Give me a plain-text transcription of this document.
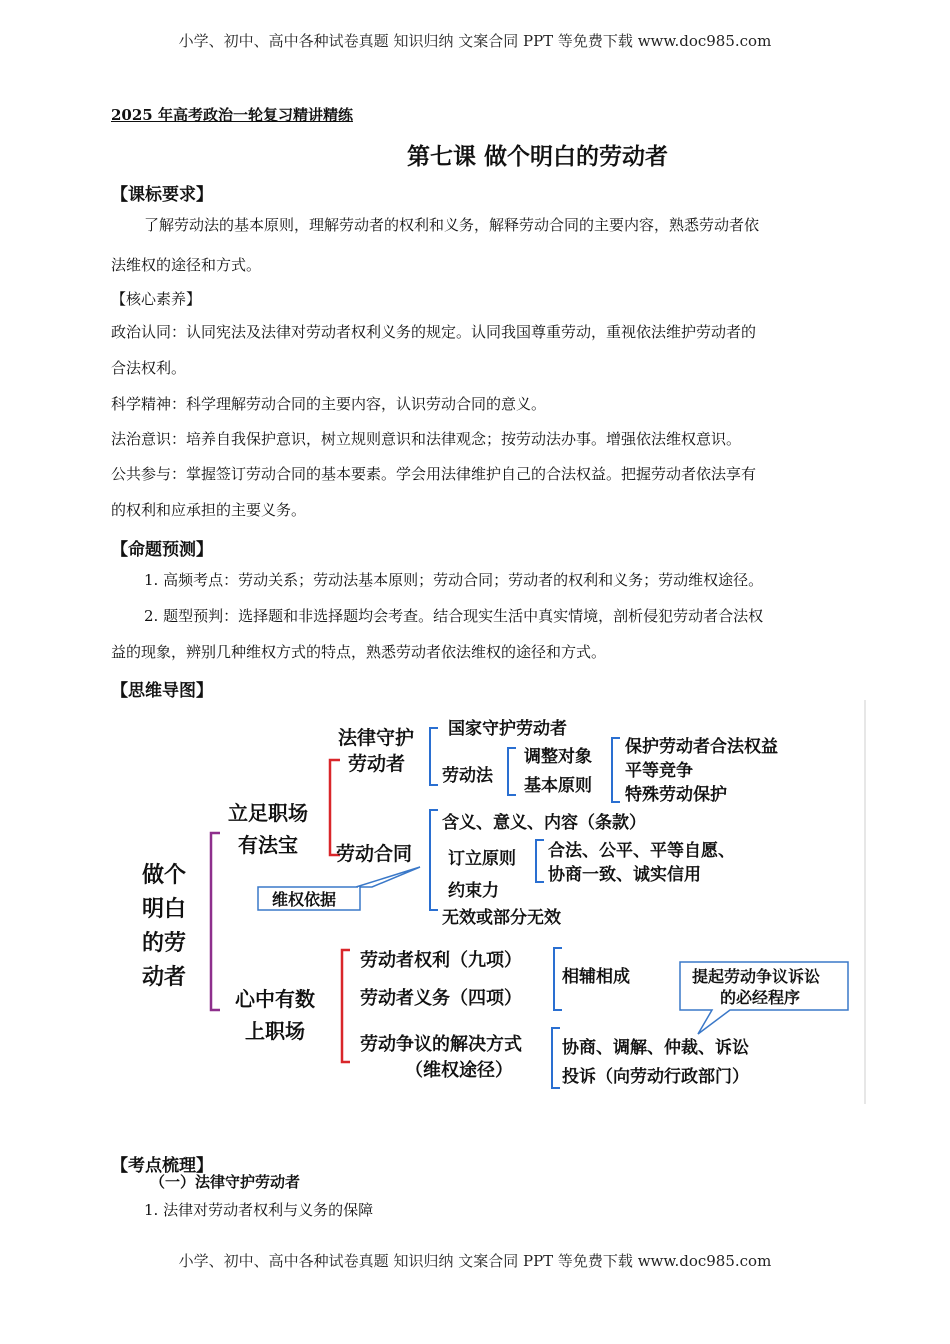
小学、初中、高中各种试卷真题 知识归纳 文案合同 PPT 等免费下载 www.doc985.com
2025 年高考政治一轮复习精讲精练
第七课 做个明白的劳动者
【课标要求】
了解劳动法的基本原则，理解劳动者的权利和义务，解释劳动合同的主要内容，熟悉劳动者依
法维权的途径和方式。
【核心素养】
政治认同：认同宪法及法律对劳动者权利义务的规定。认同我国尊重劳动，重视依法维护劳动者的
合法权利。
科学精神：科学理解劳动合同的主要内容，认识劳动合同的意义。
法治意识：培养自我保护意识，树立规则意识和法律观念；按劳动法办事。增强依法维权意识。
公共参与：掌握签订劳动合同的基本要素。学会用法律维护自己的合法权益。把握劳动者依法享有
的权利和应承担的主要义务。
【命题预测】
1. 高频考点：劳动关系；劳动法基本原则；劳动合同；劳动者的权利和义务；劳动维权途径。
2. 题型预判：选择题和非选择题均会考查。结合现实生活中真实情境，剖析侵犯劳动者合法权
益的现象，辨别几种维权方式的特点，熟悉劳动者依法维权的途径和方式。
【思维导图】
做个
明白
的劳
动者
立足职场
有法宝
心中有数
上职场
法律守护
劳动者
国家守护劳动者
劳动法
调整对象
基本原则
保护劳动者合法权益
平等竞争
特殊劳动保护
劳动合同
含义、意义、内容（条款）
订立原则
约束力
无效或部分无效
合法、公平、平等自愿、
协商一致、诚实信用
维权依据
劳动者权利（九项）
劳动者义务（四项）
劳动争议的解决方式
（维权途径）
相辅相成
协商、调解、仲裁、诉讼
投诉（向劳动行政部门）
提起劳动争议诉讼
的必经程序
【考点梳理】
（一）法律守护劳动者
1. 法律对劳动者权利与义务的保障
小学、初中、高中各种试卷真题 知识归纳 文案合同 PPT 等免费下载 www.doc985.com
